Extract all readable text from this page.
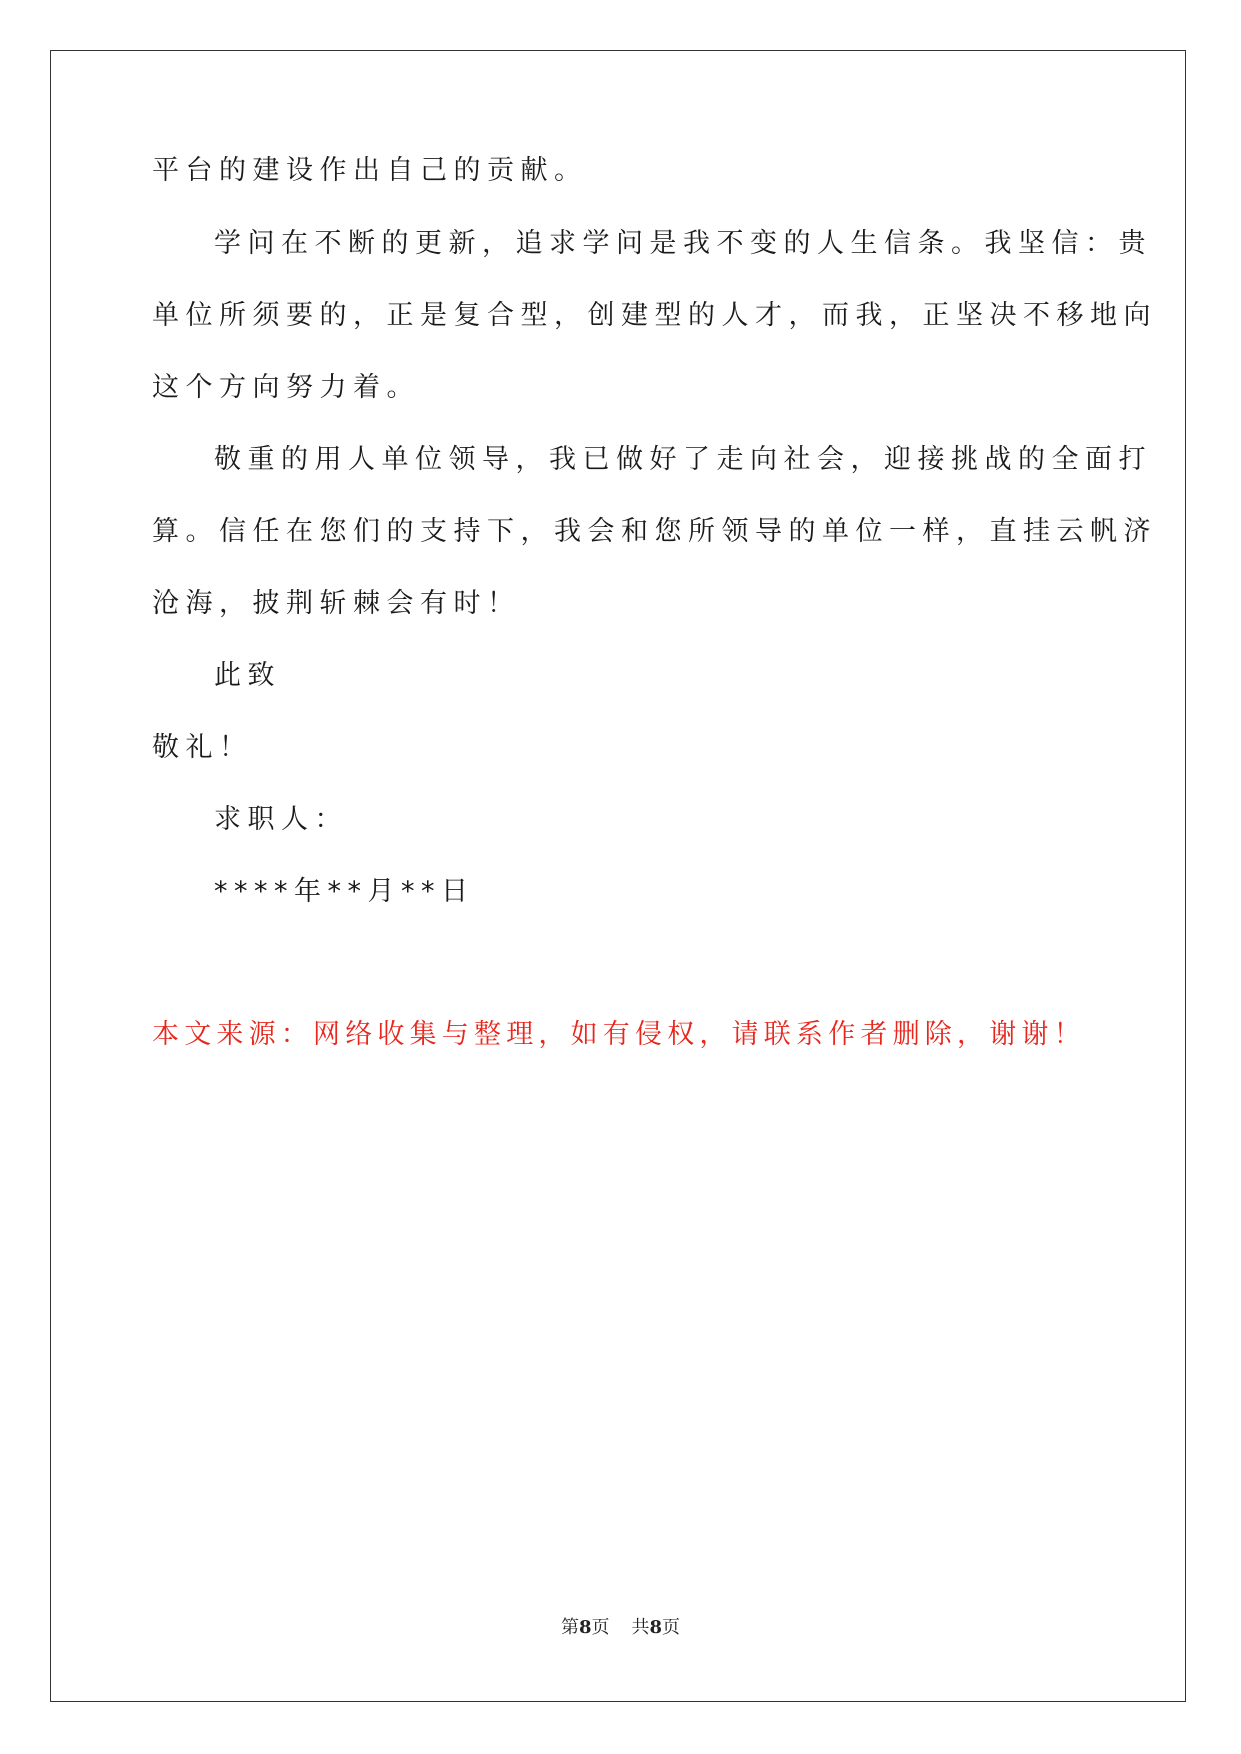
平台的建设作出自己的贡献。

学问在不断的更新，追求学问是我不变的人生信条。我坚信：贵

单位所须要的，正是复合型，创建型的人才，而我，正坚决不移地向

这个方向努力着。

敬重的用人单位领导，我已做好了走向社会，迎接挑战的全面打

算。信任在您们的支持下，我会和您所领导的单位一样，直挂云帆济

沧海，披荆斩棘会有时！

此致

敬礼！

求职人：

****年**月**日

本文来源：网络收集与整理，如有侵权，请联系作者删除，谢谢！

第8页 共8页
